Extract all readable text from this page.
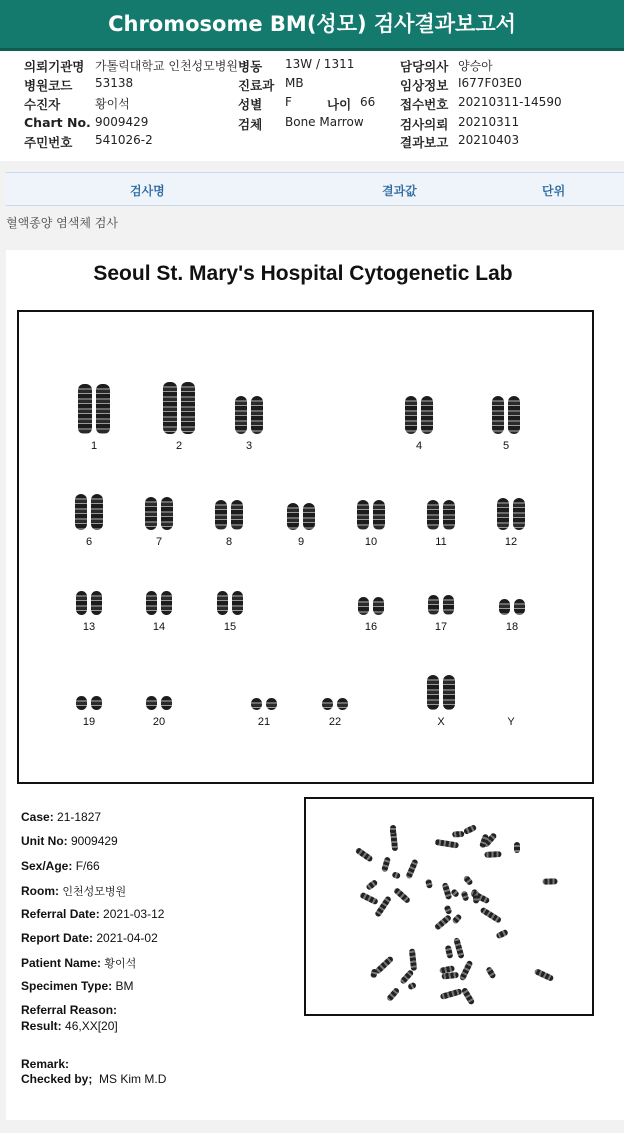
Chromosome BM(성모) 검사결과보고서
의뢰기관명 가톨릭대학교 인천성모병원 병동 13W / 1311	담당의사 양승아
병원코드 53138	진료과 MB	임상정보 I677F03E0
수진자	황이석	성별 F	나이 66 접수번호 20210311-14590
Chart No. 9009429	검체 Bone Marrow	검사의뢰 20210311
주민번호 541026-2	결과보고 20210403
검사명	결과값	단위
혈액종양 염색체 검사
Seoul St. Mary's Hospital Cytogenetic Lab
1	2	3	4	5
6	7	8	9	10	11	12
13	14	15	16	17	18
19	20	21	22	X	Y
Case: 21-1827
Unit No: 9009429
Sex/Age: F/66
Room: 인천성모병원
Referral Date: 2021-03-12
Report Date: 2021-04-02
Patient Name: 황이석
Specimen Type: BM
Referral Reason:
Result: 46,XX[20]
Remark:
Checked by; MS Kim M.D
